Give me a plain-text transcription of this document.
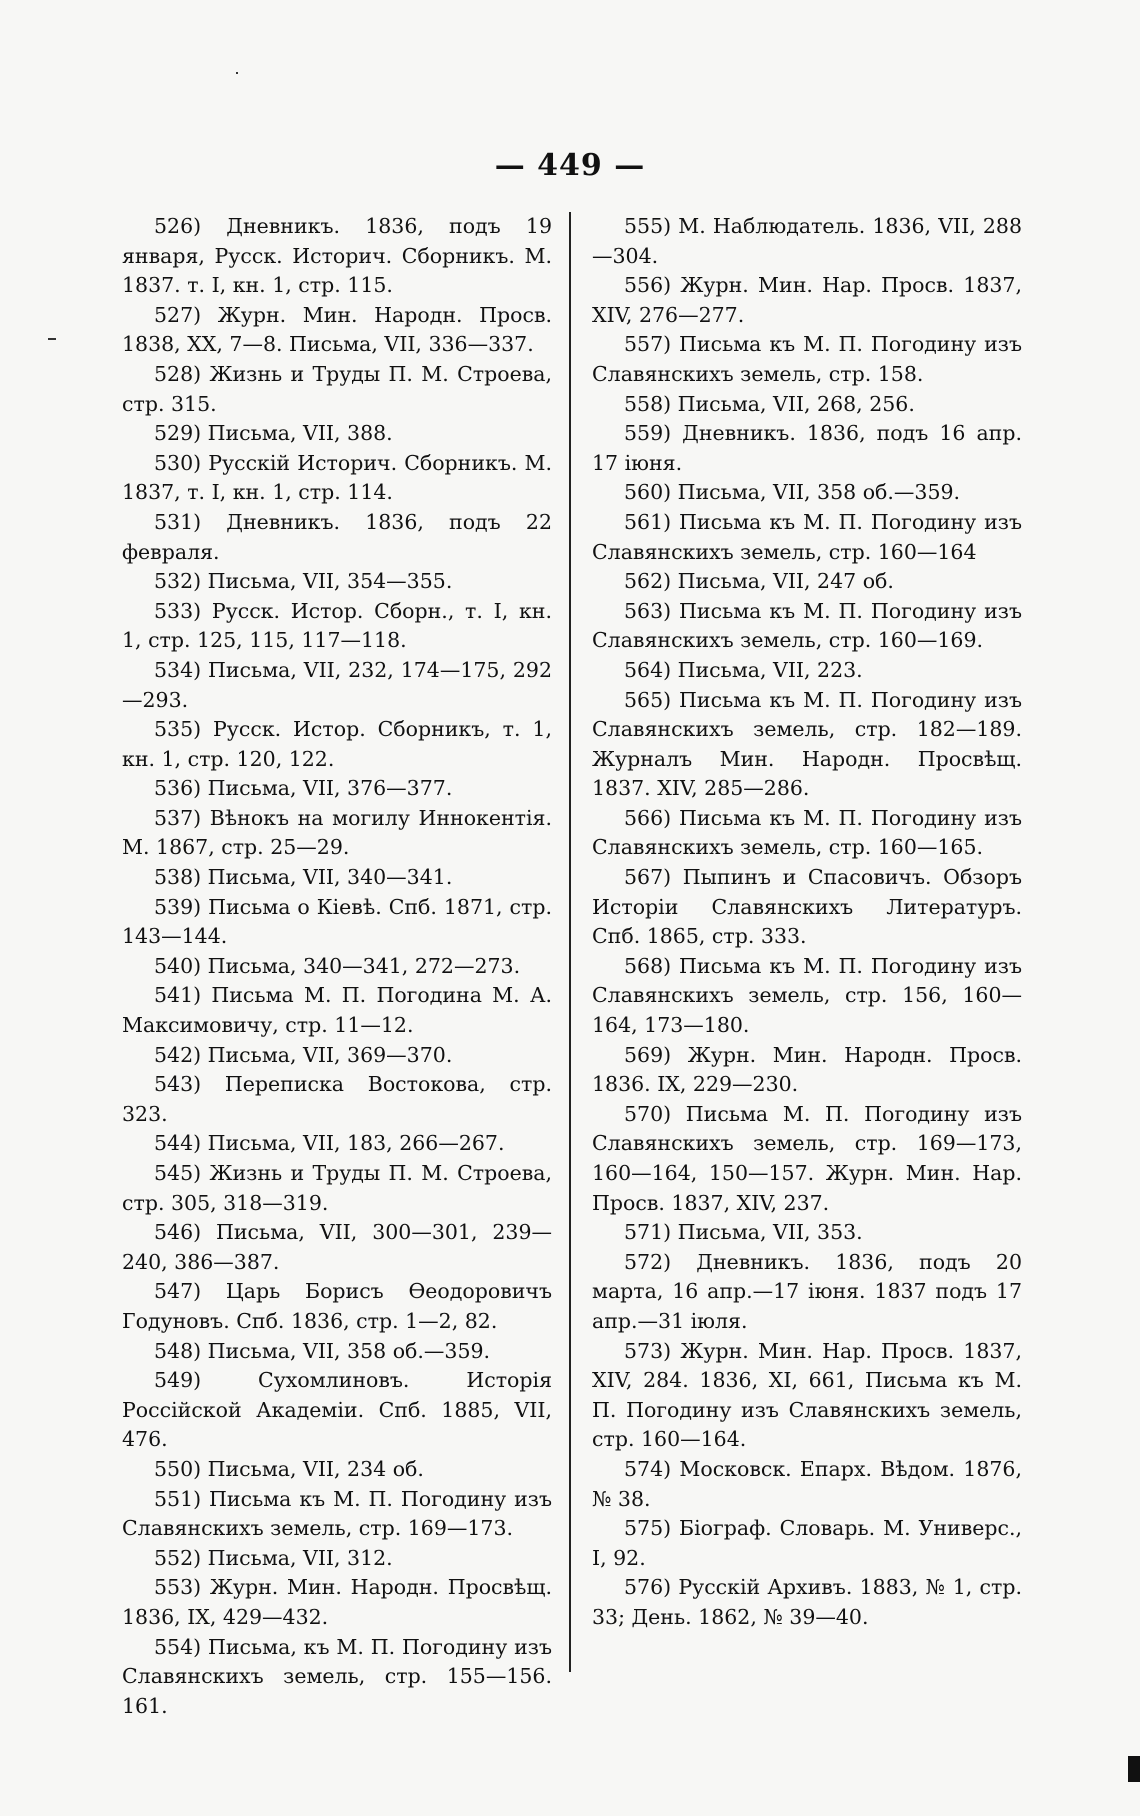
— 449 —

526) Дневникъ. 1836, подъ 19 января, Русск. Историч. Сборникъ. М. 1837. т. I, кн. 1, стр. 115.

527) Журн. Мин. Народн. Просв. 1838, XX, 7—8. Письма, VII, 336—337.

528) Жизнь и Труды П. М. Строева, стр. 315.

529) Письма, VII, 388.

530) Русскій Историч. Сборникъ. М. 1837, т. I, кн. 1, стр. 114.

531) Дневникъ. 1836, подъ 22 февраля.

532) Письма, VII, 354—355.

533) Русск. Истор. Сборн., т. I, кн. 1, стр. 125, 115, 117—118.

534) Письма, VII, 232, 174—175, 292—293.

535) Русск. Истор. Сборникъ, т. 1, кн. 1, стр. 120, 122.

536) Письма, VII, 376—377.

537) Вѣнокъ на могилу Иннокентія. М. 1867, стр. 25—29.

538) Письма, VII, 340—341.

539) Письма о Кіевѣ. Спб. 1871, стр. 143—144.

540) Письма, 340—341, 272—273.

541) Письма М. П. Погодина М. А. Максимовичу, стр. 11—12.

542) Письма, VII, 369—370.

543) Переписка Востокова, стр. 323.

544) Письма, VII, 183, 266—267.

545) Жизнь и Труды П. М. Строева, стр. 305, 318—319.

546) Письма, VII, 300—301, 239—240, 386—387.

547) Царь Борисъ Ѳеодоровичъ Годуновъ. Спб. 1836, стр. 1—2, 82.

548) Письма, VII, 358 об.—359.

549) Сухомлиновъ. Исторія Россійской Академіи. Спб. 1885, VII, 476.

550) Письма, VII, 234 об.

551) Письма къ М. П. Погодину изъ Славянскихъ земель, стр. 169—173.

552) Письма, VII, 312.

553) Журн. Мин. Народн. Просвѣщ. 1836, IX, 429—432.

554) Письма, къ М. П. Погодину изъ Славянскихъ земель, стр. 155—156. 161.

555) М. Наблюдатель. 1836, VII, 288—304.

556) Журн. Мин. Нар. Просв. 1837, XIV, 276—277.

557) Письма къ М. П. Погодину изъ Славянскихъ земель, стр. 158.

558) Письма, VII, 268, 256.

559) Дневникъ. 1836, подъ 16 апр. 17 іюня.

560) Письма, VII, 358 об.—359.

561) Письма къ М. П. Погодину изъ Славянскихъ земель, стр. 160—164

562) Письма, VII, 247 об.

563) Письма къ М. П. Погодину изъ Славянскихъ земель, стр. 160—169.

564) Письма, VII, 223.

565) Письма къ М. П. Погодину изъ Славянскихъ земель, стр. 182—189. Журналъ Мин. Народн. Просвѣщ. 1837. XIV, 285—286.

566) Письма къ М. П. Погодину изъ Славянскихъ земель, стр. 160—165.

567) Пыпинъ и Спасовичъ. Обзоръ Исторіи Славянскихъ Литературъ. Спб. 1865, стр. 333.

568) Письма къ М. П. Погодину изъ Славянскихъ земель, стр. 156, 160—164, 173—180.

569) Журн. Мин. Народн. Просв. 1836. IX, 229—230.

570) Письма М. П. Погодину изъ Славянскихъ земель, стр. 169—173, 160—164, 150—157. Журн. Мин. Нар. Просв. 1837, XIV, 237.

571) Письма, VII, 353.

572) Дневникъ. 1836, подъ 20 марта, 16 апр.—17 іюня. 1837 подъ 17 апр.—31 іюля.

573) Журн. Мин. Нар. Просв. 1837, XIV, 284. 1836, XI, 661, Письма къ М. П. Погодину изъ Славянскихъ земель, стр. 160—164.

574) Московск. Епарх. Вѣдом. 1876, № 38.

575) Біограф. Словарь. М. Универс., I, 92.

576) Русскій Архивъ. 1883, № 1, стр. 33; День. 1862, № 39—40.
